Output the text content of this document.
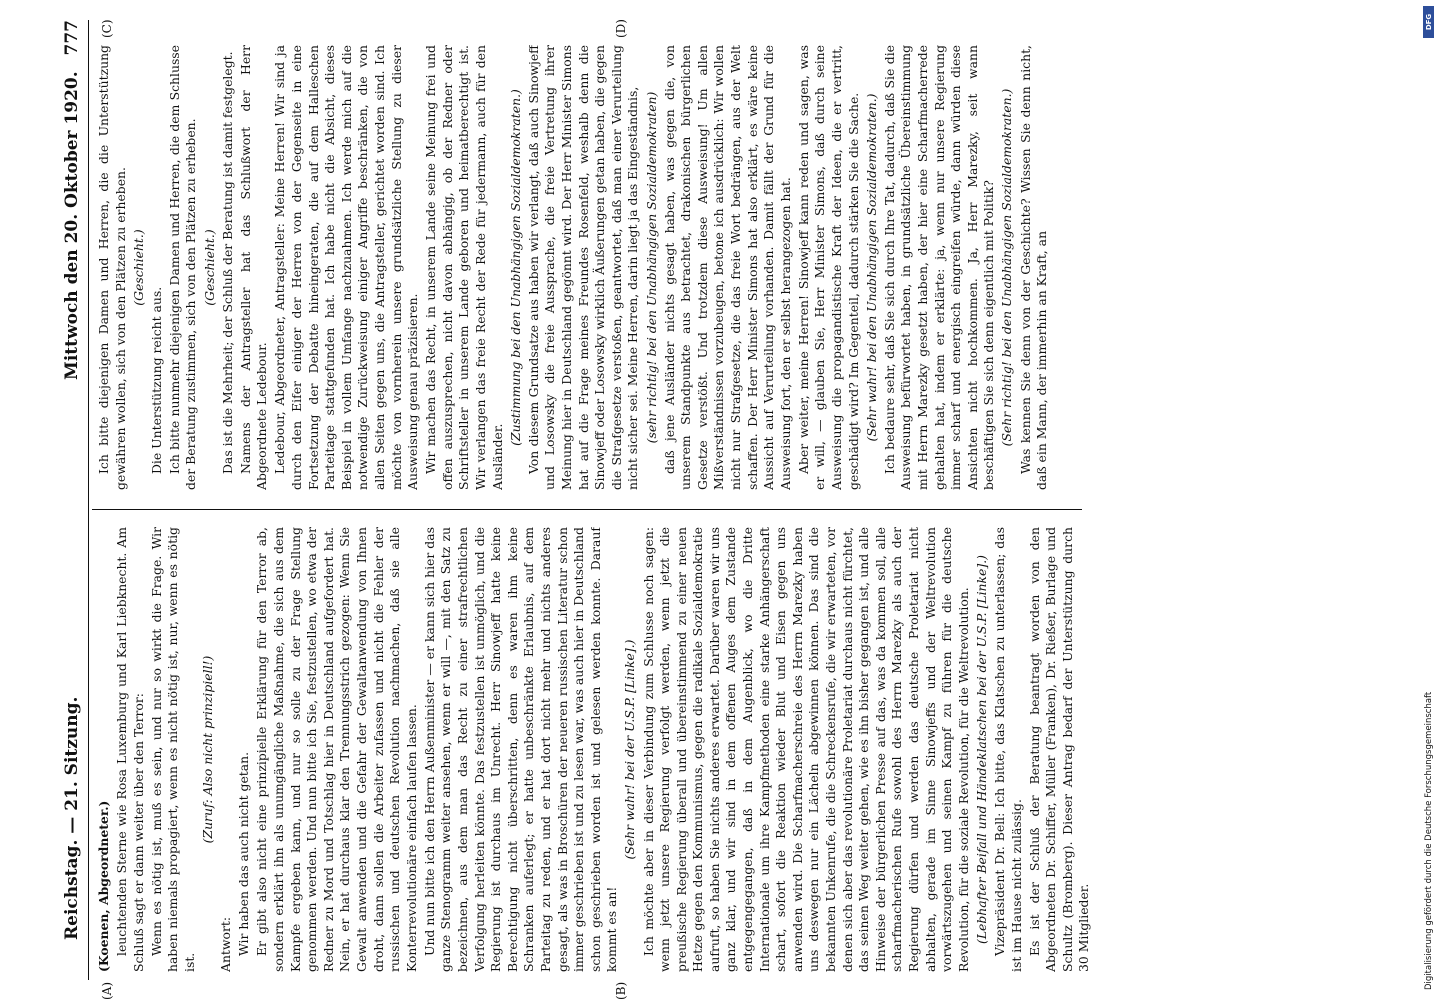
Reichstag. — 21. Sitzung.
Mittwoch den 20. Oktober 1920.
777
(A)	(B)
(C)	(D)

(Koenen, Abgeordneter.) leuchtenden Sterne wie Rosa Luxemburg und Karl Liebknecht. Am Schluß sagt er dann weiter über den Terror: Wenn es nötig ist, muß es sein, und nur so wirkt die Frage. Wir haben niemals propagiert, wenn es nicht nötig ist, nur, wenn es nötig ist.

(Zuruf: Also nicht prinzipiell!)

Antwort: Wir haben das auch nicht getan. Er gibt also nicht eine prinzipielle Erklärung für den Terror ab, sondern erklärt ihn als unumgängliche Maßnahme, die sich aus dem Kampfe ergeben kann, und nur so solle zu der Frage Stellung genommen werden. Und nun bitte ich Sie, festzustellen, wo etwa der Redner zu Mord und Totschlag hier in Deutschland aufgefordert hat. Nein, er hat durchaus klar den Trennungsstrich gezogen: Wenn Sie Gewalt anwenden und die Gefahr der Gewaltanwendung von Ihnen droht, dann sollen die Arbeiter zufassen und nicht die Fehler der russischen und deutschen Revolution nachmachen, daß sie alle Konterrevolutionäre einfach laufen lassen. Und nun bitte ich den Herrn Außenminister — er kann sich hier das ganze Stenogramm weiter ansehen, wenn er will —, mit den Satz zu bezeichnen, aus dem man das Recht zu einer strafrechtlichen Verfolgung herleiten könnte. Das festzustellen ist unmöglich, und die Regierung ist durchaus im Unrecht. Herr Sinowjeff hatte keine Berechtigung nicht überschritten, denn es waren ihm keine Schranken auferlegt; er hatte unbeschränkte Erlaubnis, auf dem Parteitag zu reden, und er hat dort nicht mehr und nichts anderes gesagt, als was in Broschüren der neueren russischen Literatur schon immer geschrieben ist und zu lesen war, was auch hier in Deutschland schon geschrieben worden ist und gelesen werden konnte. Darauf kommt es an!

(Sehr wahr! bei der U.S.P. [Linke].) Ich möchte aber in dieser Verbindung zum Schlusse noch sagen: wenn jetzt unsere Regierung verfolgt werden, wenn jetzt die preußische Regierung überall und übereinstimmend zu einer neuen Hetze gegen den Kommunismus, gegen die radikale Sozialdemokratie aufruft, so haben Sie nichts anderes erwartet. Darüber waren wir uns ganz klar, und wir sind in dem offenen Auges dem Zustande entgegengegangen, daß in dem Augenblick, wo die Dritte Internationale um ihre Kampfmethoden eine starke Anhängerschaft schart, sofort die Reaktion wieder Blut und Eisen gegen uns anwenden wird. Die Scharfmacherschreie des Herrn Marezky haben uns deswegen nur ein Lächeln abgewinnen können. Das sind die bekannten Unkenrufe, die die Schreckensrufe, die wir erwarteten, vor denen sich aber das revolutionäre Proletariat durchaus nicht fürchtet, das seinen Weg weiter gehen, wie es ihn bisher gegangen ist, und alle Hinweise der bürgerlichen Presse auf das, was da kommen soll, alle scharfmacherischen Rufe sowohl des Herrn Marezky als auch der Regierung dürfen und werden das deutsche Proletariat nicht abhalten, gerade im Sinne Sinowjeffs und der Weltrevolution vorwärtszugehen und seinen Kampf zu führen für die deutsche Revolution, für die soziale Revolution, für die Weltrevolution. (Lebhafter Beifall und Händeklatschen bei der U.S.P. [Linke].) Vizepräsident Dr. Bell: Ich bitte, das Klatschen zu unterlassen; das ist im Hause nicht zulässig. Es ist der Schluß der Beratung beantragt worden von den Abgeordneten Dr. Schiffer, Müller (Franken), Dr. Rießer, Burlage und Schultz (Bromberg). Dieser Antrag bedarf der Unterstützung durch 30 Mitglieder.

Ich bitte diejenigen Damen und Herren, die die Unterstützung gewähren wollen, sich von den Plätzen zu erheben. (Geschieht.)

Die Unterstützung reicht aus. Ich bitte nunmehr diejenigen Damen und Herren, die dem Schlusse der Beratung zustimmen, sich von den Plätzen zu erheben. (Geschieht.) Das ist die Mehrheit; der Schluß der Beratung ist damit festgelegt. Namens der Antragsteller hat das Schlußwort der Herr Abgeordnete Ledebour. Ledebour, Abgeordneter, Antragsteller: Meine Herren! Wir sind ja durch den Eifer einiger der Herren von der Gegenseite in eine Fortsetzung der Debatte hineingeraten, die auf dem Halleschen Parteitage stattgefunden hat. Ich habe nicht die Absicht, dieses Beispiel in vollem Umfange nachzuahmen. Ich werde mich auf die notwendige Zurückweisung einiger Angriffe beschränken, die von allen Seiten gegen uns, die Antragsteller, gerichtet worden sind. Ich möchte von vornherein unsere grundsätzliche Stellung zu dieser Ausweisung genau präzisieren. Wir machen das Recht, in unserem Lande seine Meinung frei und offen auszusprechen, nicht davon abhängig, ob der Redner oder Schriftsteller in unserem Lande geboren und heimatberechtigt ist. Wir verlangen das freie Recht der Rede für jedermann, auch für den Ausländer.

(Zustimmung bei den Unabhängigen Sozialdemokraten.) Von diesem Grundsatze aus haben wir verlangt, daß auch Sinowjeff und Losowsky die freie Aussprache, die freie Vertretung ihrer Meinung hier in Deutschland gegönnt wird. Der Herr Minister Simons hat auf die Frage meines Freundes Rosenfeld, weshalb denn die Sinowjeff oder Losowsky wirklich Äußerungen getan haben, die gegen die Strafgesetze verstoßen, geantwortet, daß man einer Verurteilung nicht sicher sei. Meine Herren, darin liegt ja das Eingeständnis, (sehr richtig! bei den Unabhängigen Sozialdemokraten) daß jene Ausländer nichts gesagt haben, was gegen die, von unserem Standpunkte aus betrachtet, drakonischen bürgerlichen Gesetze verstößt. Und trotzdem diese Ausweisung! Um allen Mißverständnissen vorzubeugen, betone ich ausdrücklich: Wir wollen nicht nur Strafgesetze, die das freie Wort bedrängen, aus der Welt schaffen. Der Herr Minister Simons hat also erklärt, es wäre keine Aussicht auf Verurteilung vorhanden. Damit fällt der Grund für die Ausweisung fort, den er selbst herangezogen hat. Aber weiter, meine Herren! Sinowjeff kann reden und sagen, was er will, — glauben Sie, Herr Minister Simons, daß durch seine Ausweisung die propagandistische Kraft der Ideen, die er vertritt, geschädigt wird? Im Gegenteil, dadurch stärken Sie die Sache. (Sehr wahr! bei den Unabhängigen Sozialdemokraten.) Ich bedaure sehr, daß Sie sich durch Ihre Tat, dadurch, daß Sie die Ausweisung befürwortet haben, in grundsätzliche Übereinstimmung mit Herrn Marezky gesetzt haben, der hier eine Scharfmacherrede gehalten hat, indem er erklärte: ja, wenn nur unsere Regierung immer scharf und energisch eingreifen würde, dann würden diese Ansichten nicht hochkommen. Ja, Herr Marezky, seit wann beschäftigen Sie sich denn eigentlich mit Politik? (Sehr richtig! bei den Unabhängigen Sozialdemokraten.) Was kennen Sie denn von der Geschichte? Wissen Sie denn nicht, daß ein Mann, der immerhin an Kraft, an

Digitalisierung gefördert durch die Deutsche Forschungsgemeinschaft
DFG
